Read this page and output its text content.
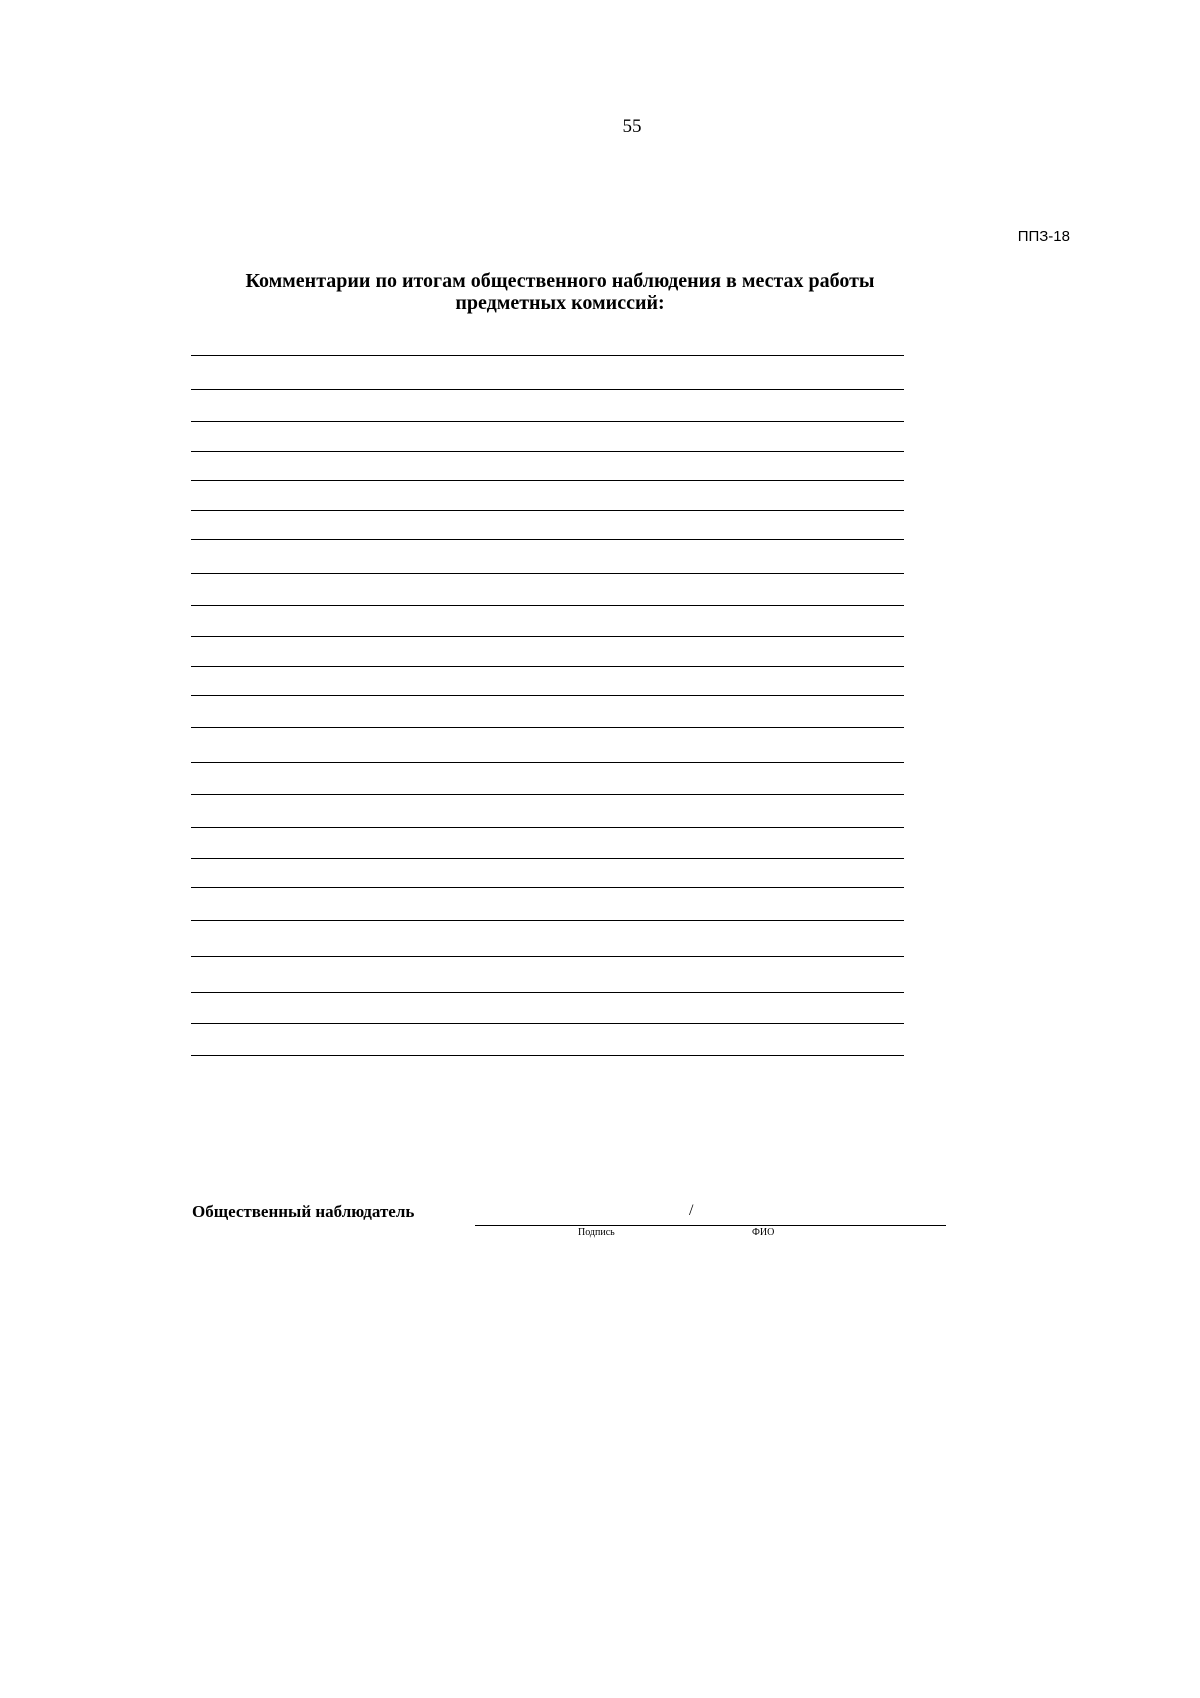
55
ППЗ-18
Комментарии по итогам общественного наблюдения в местах работы
предметных комиссий:
Общественный наблюдатель	/
Подпись	ФИО
